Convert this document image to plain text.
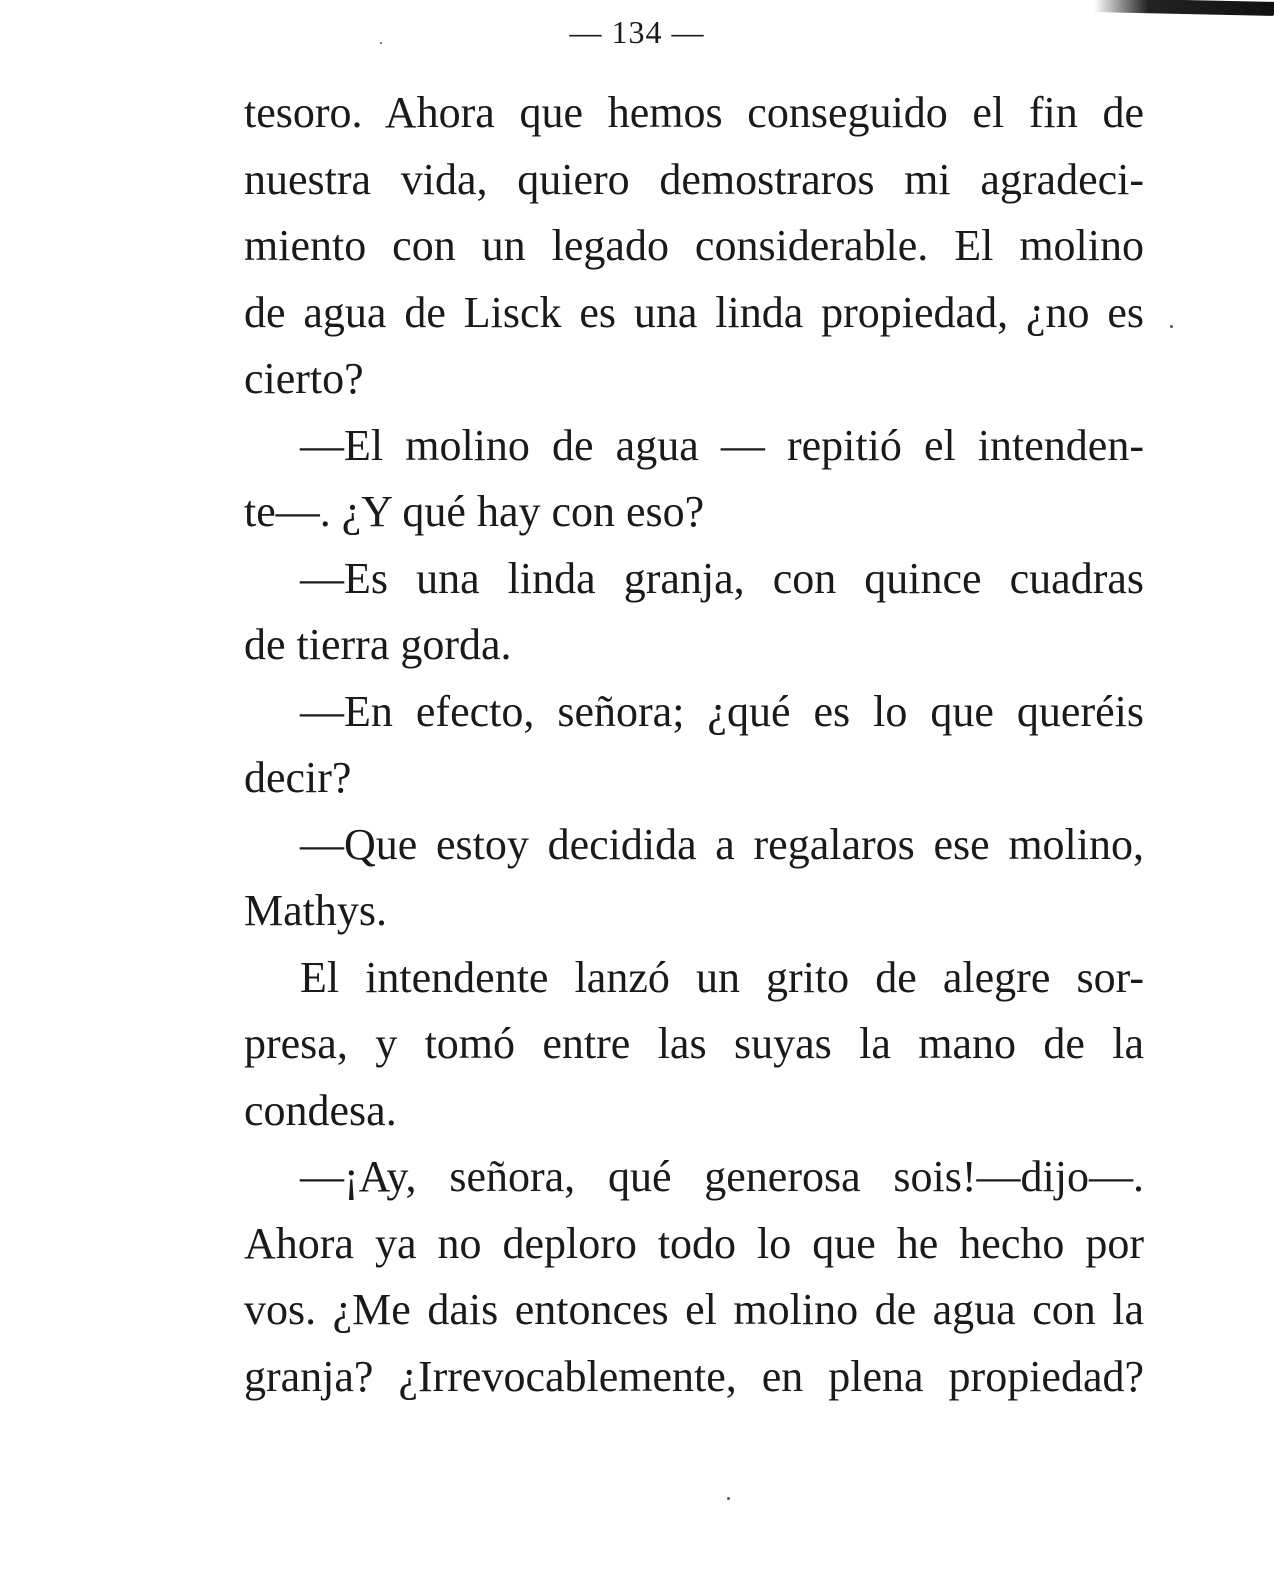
— 134 —
tesoro. Ahora que hemos conseguido el fin de
nuestra vida, quiero demostraros mi agradeci-
miento con un legado considerable. El molino
de agua de Lisck es una linda propiedad, ¿no es
cierto?
—El molino de agua — repitió el intenden-
te—. ¿Y qué hay con eso?
—Es una linda granja, con quince cuadras
de tierra gorda.
—En efecto, señora; ¿qué es lo que queréis
decir?
—Que estoy decidida a regalaros ese molino,
Mathys.
El intendente lanzó un grito de alegre sor-
presa, y tomó entre las suyas la mano de la
condesa.
—¡Ay, señora, qué generosa sois!—dijo—.
Ahora ya no deploro todo lo que he hecho por
vos. ¿Me dais entonces el molino de agua con la
granja? ¿Irrevocablemente, en plena propiedad?
